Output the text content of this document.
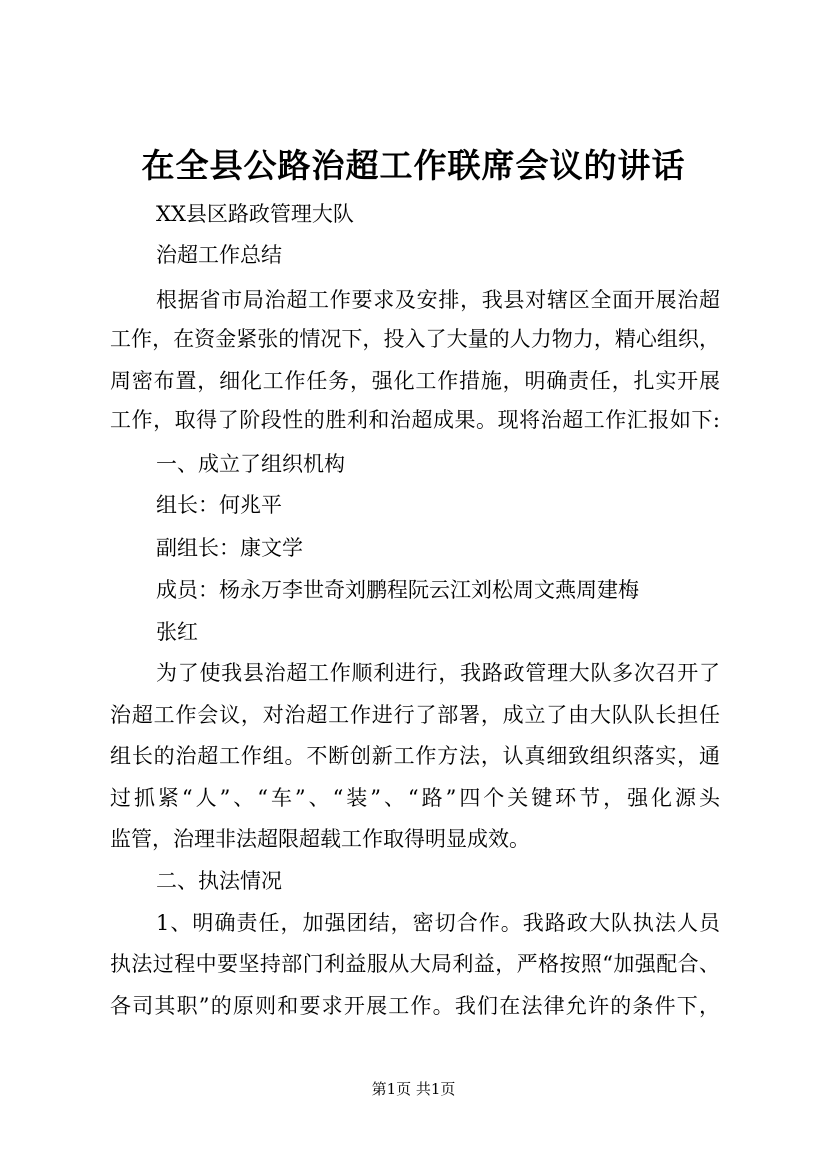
在全县公路治超工作联席会议的讲话
XX县区路政管理大队
治超工作总结
根据省市局治超工作要求及安排，我县对辖区全面开展治超
工作，在资金紧张的情况下，投入了大量的人力物力，精心组织，
周密布置，细化工作任务，强化工作措施，明确责任，扎实开展
工作，取得了阶段性的胜利和治超成果。现将治超工作汇报如下:
一、成立了组织机构
组长：何兆平
副组长：康文学
成员：杨永万李世奇刘鹏程阮云江刘松周文燕周建梅
张红
为了使我县治超工作顺利进行，我路政管理大队多次召开了
治超工作会议，对治超工作进行了部署，成立了由大队队长担任
组长的治超工作组。不断创新工作方法，认真细致组织落实，通
过抓紧“人”、“车”、“装”、“路”四个关键环节，强化源头
监管，治理非法超限超载工作取得明显成效。
二、执法情况
1、明确责任，加强团结，密切合作。我路政大队执法人员
执法过程中要坚持部门利益服从大局利益，严格按照“加强配合、
各司其职”的原则和要求开展工作。我们在法律允许的条件下，
第1页 共1页
